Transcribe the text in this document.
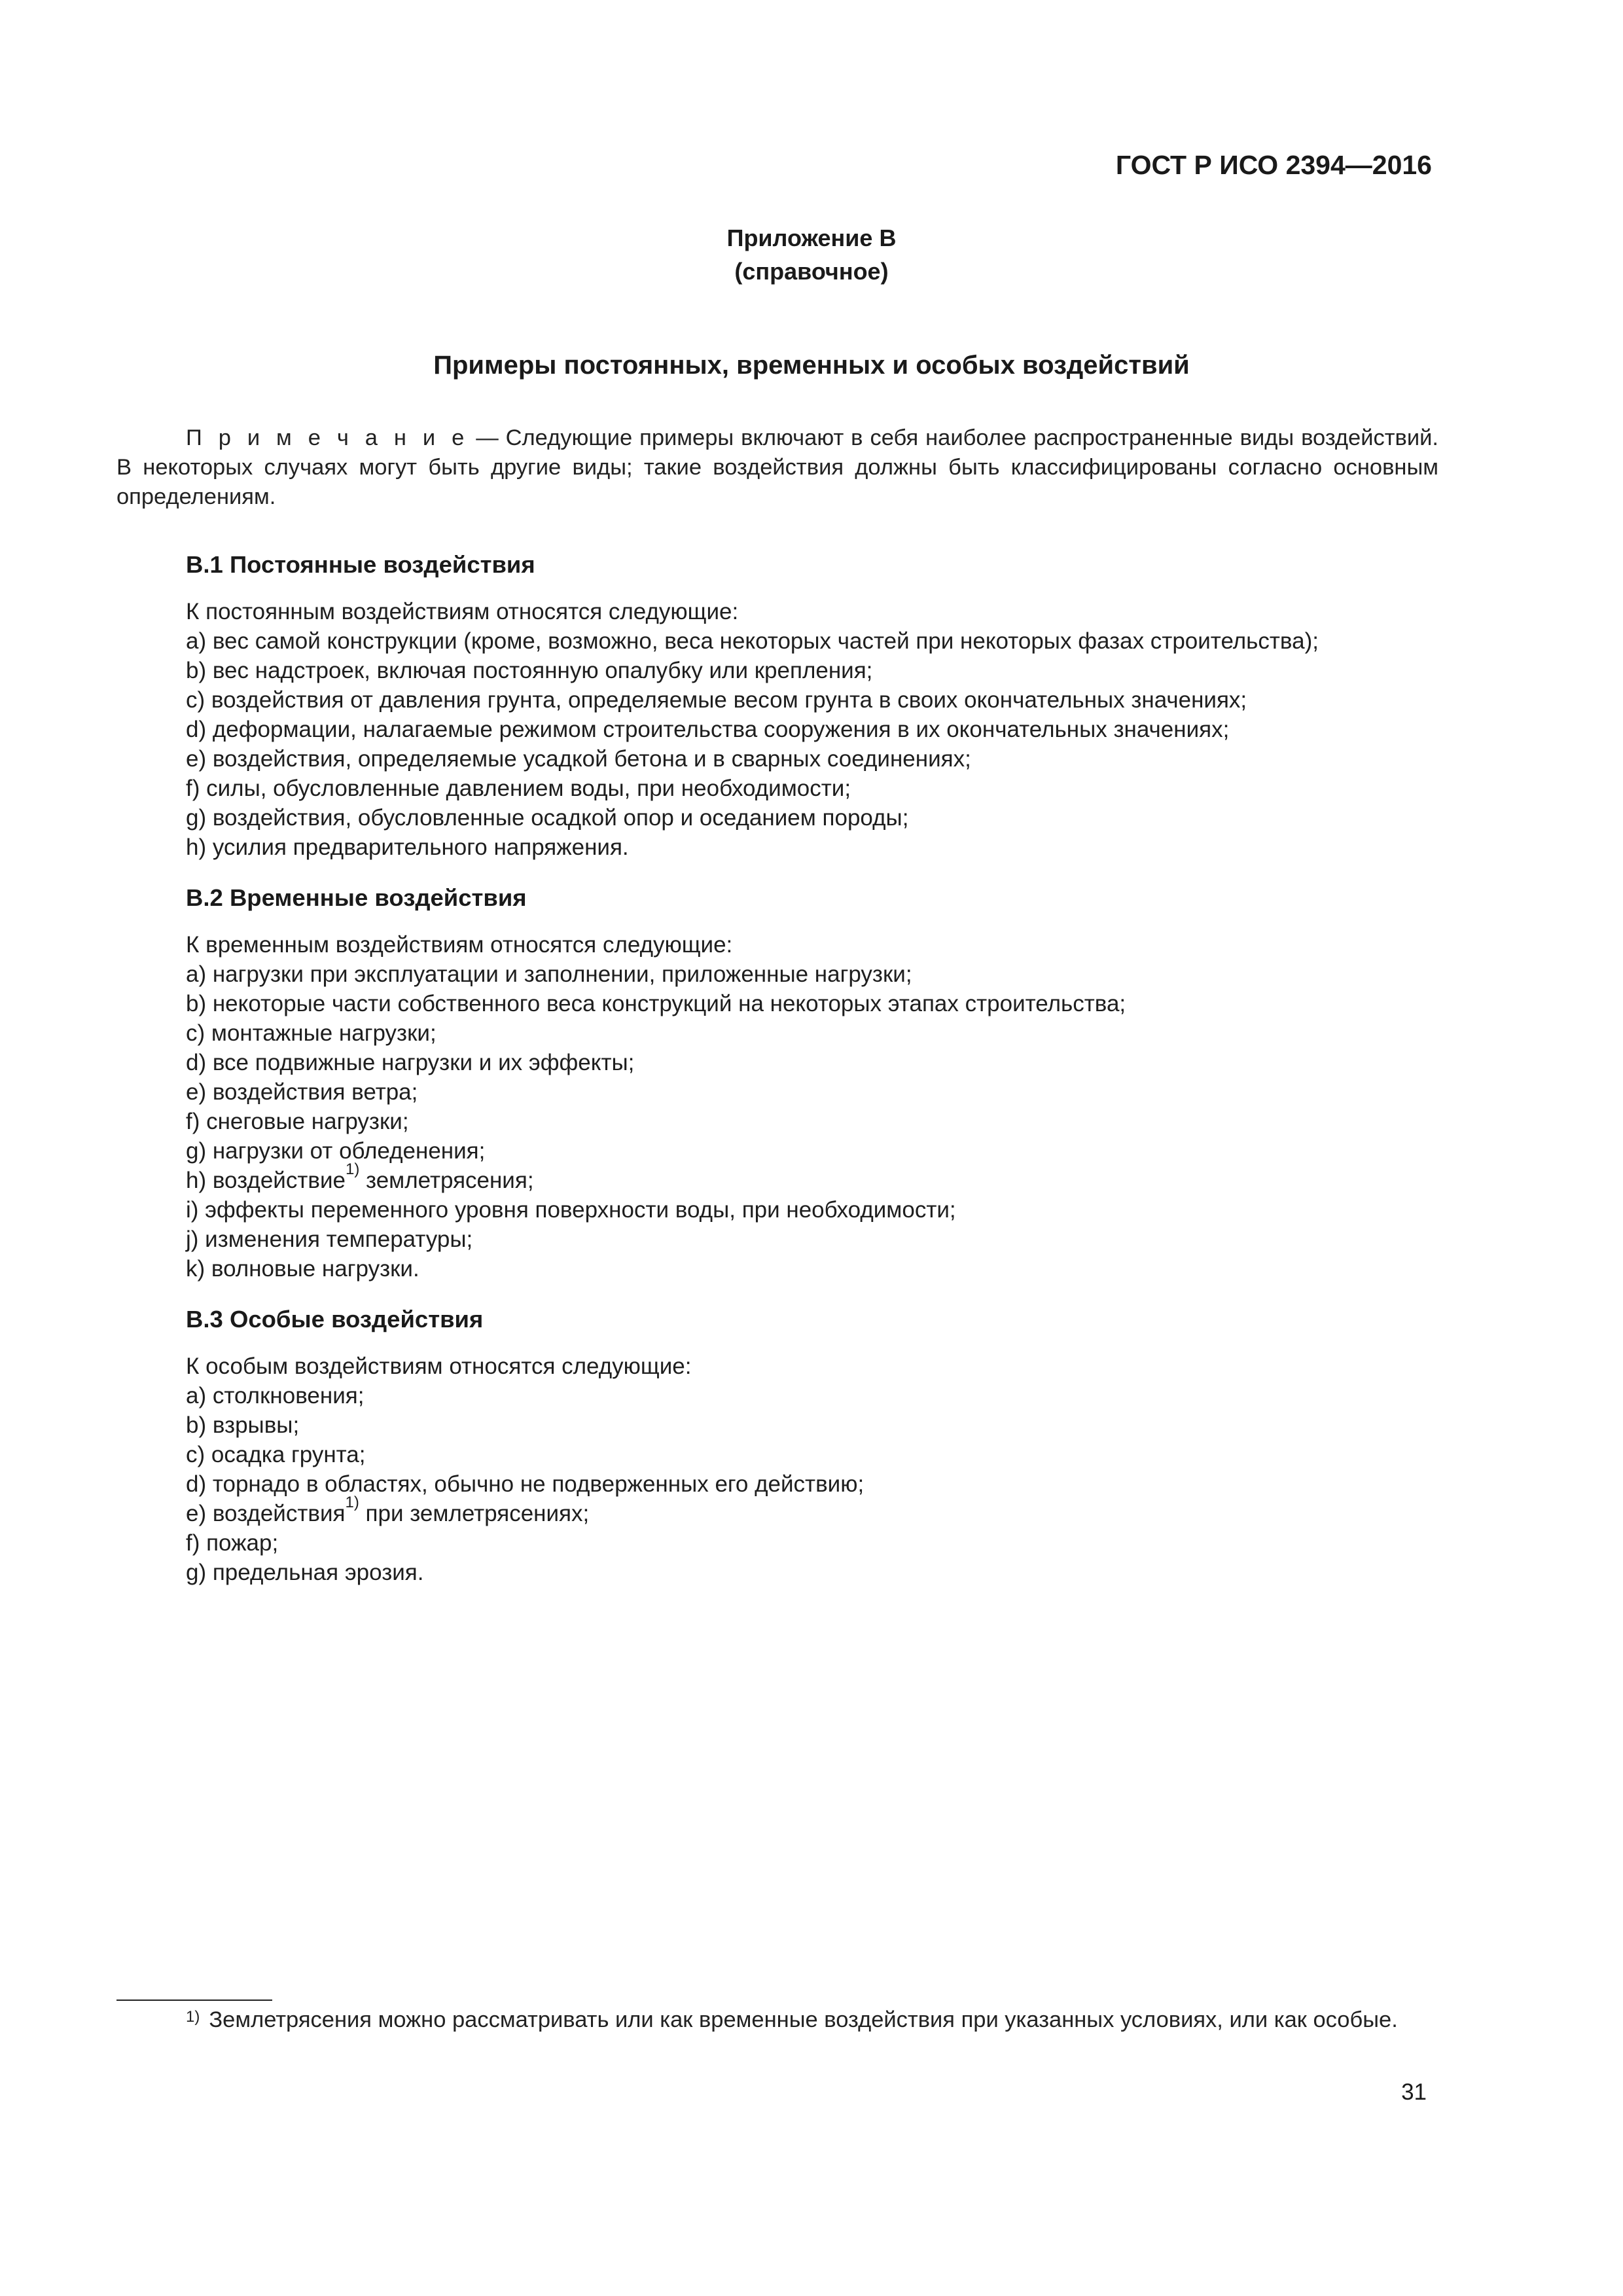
ГОСТ Р ИСО 2394—2016
Приложение В
(справочное)
Примеры постоянных, временных и особых воздействий

П р и м е ч а н и е — Следующие примеры включают в себя наиболее распространенные виды воздействий. В некоторых случаях могут быть другие виды; такие воздействия должны быть классифицированы согласно основным определениям.

В.1 Постоянные воздействия
К постоянным воздействиям относятся следующие:
а) вес самой конструкции (кроме, возможно, веса некоторых частей при некоторых фазах строительства);
b) вес надстроек, включая постоянную опалубку или крепления;
c) воздействия от давления грунта, определяемые весом грунта в своих окончательных значениях;
d) деформации, налагаемые режимом строительства сооружения в их окончательных значениях;
е) воздействия, определяемые усадкой бетона и в сварных соединениях;
f) силы, обусловленные давлением воды, при необходимости;
g) воздействия, обусловленные осадкой опор и оседанием породы;
h) усилия предварительного напряжения.
В.2 Временные воздействия
К временным воздействиям относятся следующие:
а) нагрузки при эксплуатации и заполнении, приложенные нагрузки;
b) некоторые части собственного веса конструкций на некоторых этапах строительства;
c) монтажные нагрузки;
d) все подвижные нагрузки и их эффекты;
е) воздействия ветра;
f) снеговые нагрузки;
g) нагрузки от обледенения;
h) воздействие$^{1)}$ землетрясения;
i) эффекты переменного уровня поверхности воды, при необходимости;
j) изменения температуры;
k) волновые нагрузки.
В.3 Особые воздействия
К особым воздействиям относятся следующие:
а) столкновения;
b) взрывы;
c) осадка грунта;
d) торнадо в областях, обычно не подверженных его действию;
е) воздействия$^{1)}$ при землетрясениях;
f) пожар;
g) предельная эрозия.

$^{1)}$ Землетрясения можно рассматривать или как временные воздействия при указанных условиях, или как особые.

31
